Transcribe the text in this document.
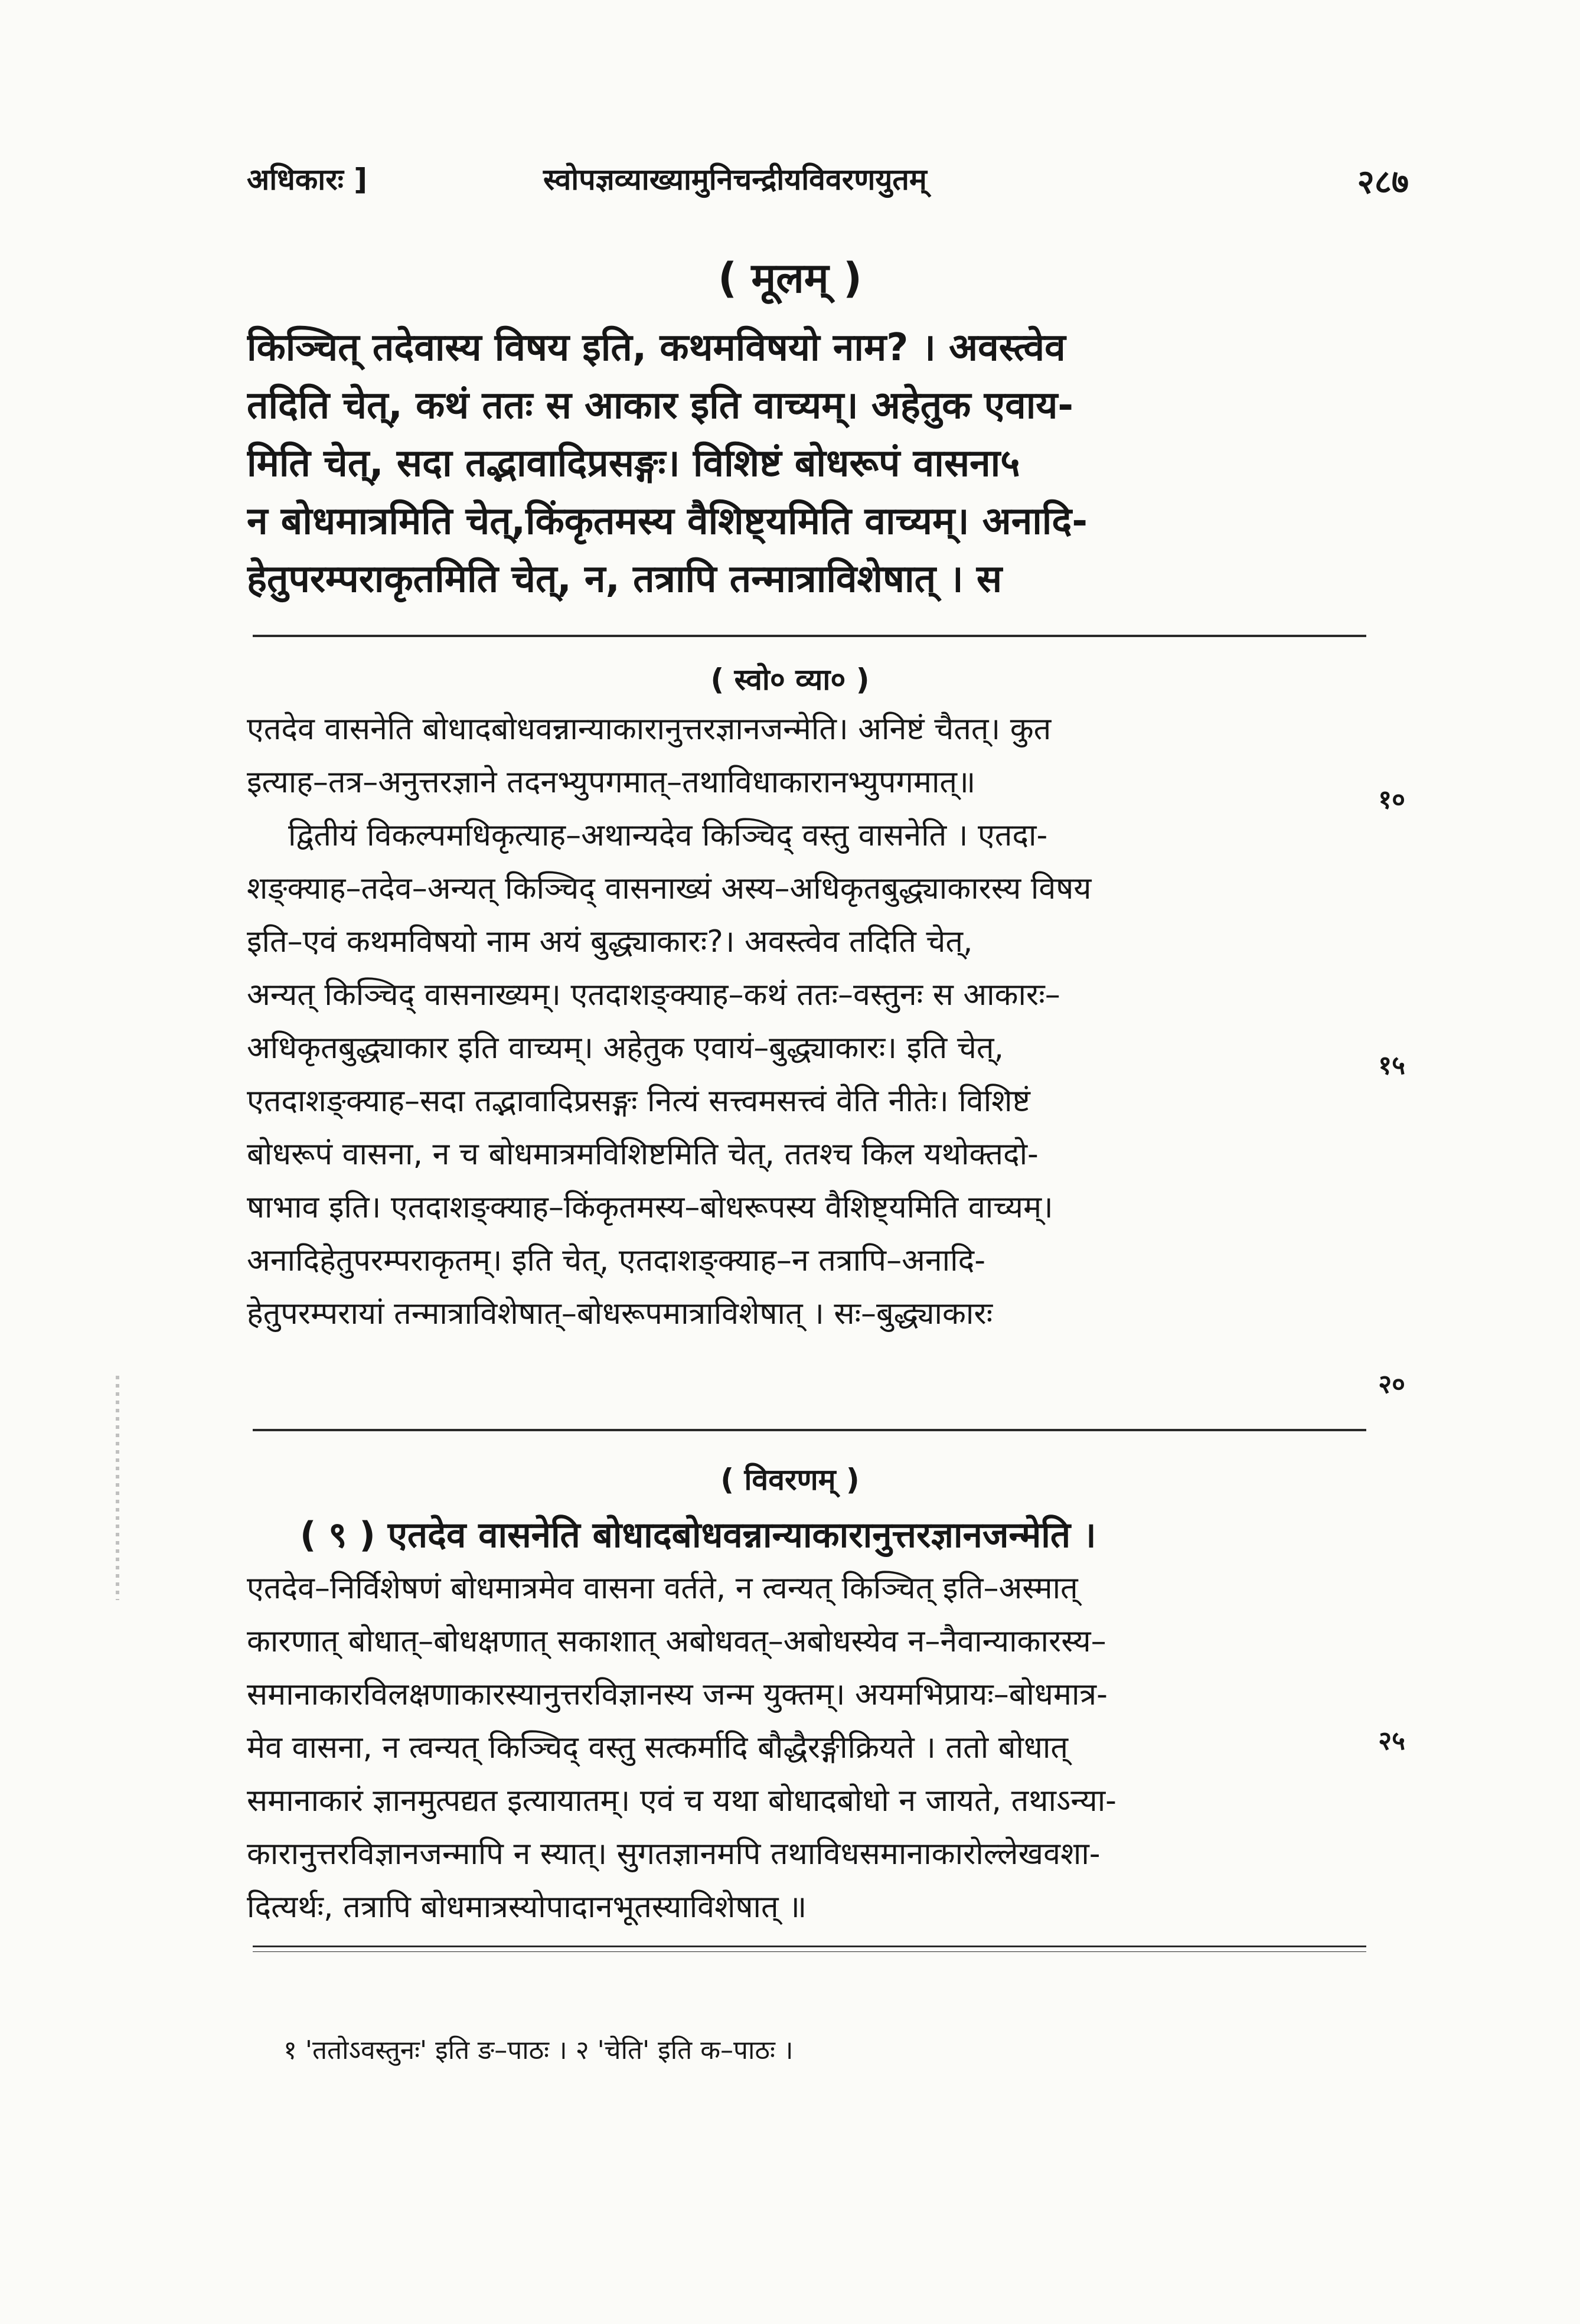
अधिकारः ]	स्वोपज्ञव्याख्यामुनिचन्द्रीयविवरणयुतम्	२८७
( मूलम् )
किञ्चित् तदेवास्य विषय इति, कथमविषयो नाम? । अवस्त्वेव
तदिति चेत्, कथं ततः स आकार इति वाच्यम्। अहेतुक एवाय-
मिति चेत्, सदा तद्भावादिप्रसङ्गः। विशिष्टं बोधरूपं वासना५
न बोधमात्रमिति चेत्,किंकृतमस्य वैशिष्ट्यमिति वाच्यम्। अनादि-
हेतुपरम्पराकृतमिति चेत्, न, तत्रापि तन्मात्राविशेषात् । स
( स्वो० व्या० )
एतदेव वासनेति बोधादबोधवन्नान्याकारानुत्तरज्ञानजन्मेति। अनिष्टं चैतत्। कुत
इत्याह–तत्र–अनुत्तरज्ञाने तदनभ्युपगमात्–तथाविधाकारानभ्युपगमात्॥
द्वितीयं विकल्पमधिकृत्याह–अथान्यदेव किञ्चिद् वस्तु वासनेति । एतदा-
शङ्क्याह–तदेव–अन्यत् किञ्चिद् वासनाख्यं अस्य–अधिकृतबुद्ध्याकारस्य विषय
इति–एवं कथमविषयो नाम अयं बुद्ध्याकारः?। अवस्त्वेव तदिति चेत्,
अन्यत् किञ्चिद् वासनाख्यम्। एतदाशङ्क्याह–कथं ततः–वस्तुनः स आकारः–
अधिकृतबुद्ध्याकार इति वाच्यम्। अहेतुक एवायं–बुद्ध्याकारः। इति चेत्,
एतदाशङ्क्याह–सदा तद्भावादिप्रसङ्गः नित्यं सत्त्वमसत्त्वं वेति नीतेः। विशिष्टं
बोधरूपं वासना, न च बोधमात्रमविशिष्टमिति चेत्, ततश्च किल यथोक्तदो-
षाभाव इति। एतदाशङ्क्याह–किंकृतमस्य–बोधरूपस्य वैशिष्ट्यमिति वाच्यम्।
अनादिहेतुपरम्पराकृतम्। इति चेत्, एतदाशङ्क्याह–न तत्रापि–अनादि-
हेतुपरम्परायां तन्मात्राविशेषात्–बोधरूपमात्राविशेषात् । सः–बुद्ध्याकारः
( विवरणम् )
( ९ ) एतदेव वासनेति बोधादबोधवन्नान्याकारानुत्तरज्ञानजन्मेति ।
एतदेव–निर्विशेषणं बोधमात्रमेव वासना वर्तते, न त्वन्यत् किञ्चित् इति–अस्मात्
कारणात् बोधात्–बोधक्षणात् सकाशात् अबोधवत्–अबोधस्येव न–नैवान्याकारस्य–
समानाकारविलक्षणाकारस्यानुत्तरविज्ञानस्य जन्म युक्तम्। अयमभिप्रायः–बोधमात्र-
मेव वासना, न त्वन्यत् किञ्चिद् वस्तु सत्कर्मादि बौद्धैरङ्गीक्रियते । ततो बोधात्
समानाकारं ज्ञानमुत्पद्यत इत्यायातम्। एवं च यथा बोधादबोधो न जायते, तथाऽन्या-
कारानुत्तरविज्ञानजन्मापि न स्यात्। सुगतज्ञानमपि तथाविधसमानाकारोल्लेखवशा-
दित्यर्थः, तत्रापि बोधमात्रस्योपादानभूतस्याविशेषात् ॥
१०
१५
२०
२५
१ 'ततोऽवस्तुनः' इति ङ–पाठः । २ 'चेति' इति क–पाठः ।
